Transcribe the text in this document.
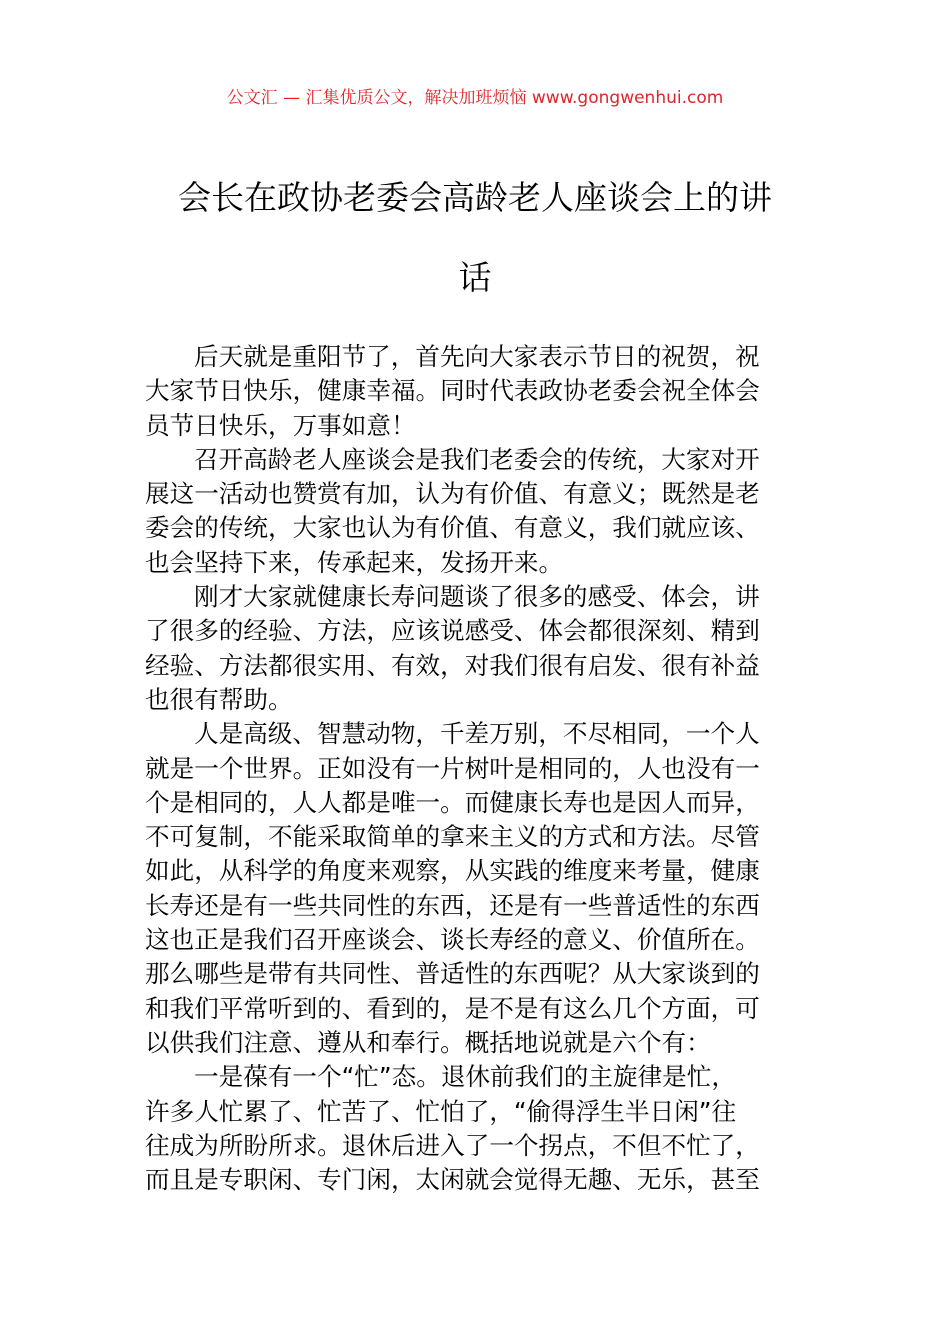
公文汇 — 汇集优质公文，解决加班烦恼 www.gongwenhui.com
会长在政协老委会高龄老人座谈会上的讲
话
后天就是重阳节了，首先向大家表示节日的祝贺，祝
大家节日快乐，健康幸福。同时代表政协老委会祝全体会
员节日快乐，万事如意！
召开高龄老人座谈会是我们老委会的传统，大家对开
展这一活动也赞赏有加，认为有价值、有意义；既然是老
委会的传统，大家也认为有价值、有意义，我们就应该、
也会坚持下来，传承起来，发扬开来。
刚才大家就健康长寿问题谈了很多的感受、体会，讲
了很多的经验、方法，应该说感受、体会都很深刻、精到
经验、方法都很实用、有效，对我们很有启发、很有补益
也很有帮助。
人是高级、智慧动物，千差万别，不尽相同，一个人
就是一个世界。正如没有一片树叶是相同的，人也没有一
个是相同的，人人都是唯一。而健康长寿也是因人而异，
不可复制，不能采取简单的拿来主义的方式和方法。尽管
如此，从科学的角度来观察，从实践的维度来考量，健康
长寿还是有一些共同性的东西，还是有一些普适性的东西
这也正是我们召开座谈会、谈长寿经的意义、价值所在。
那么哪些是带有共同性、普适性的东西呢？从大家谈到的
和我们平常听到的、看到的，是不是有这么几个方面，可
以供我们注意、遵从和奉行。概括地说就是六个有：
一是葆有一个“忙”态。退休前我们的主旋律是忙，
许多人忙累了、忙苦了、忙怕了，“偷得浮生半日闲”往
往成为所盼所求。退休后进入了一个拐点，不但不忙了，
而且是专职闲、专门闲，太闲就会觉得无趣、无乐，甚至
